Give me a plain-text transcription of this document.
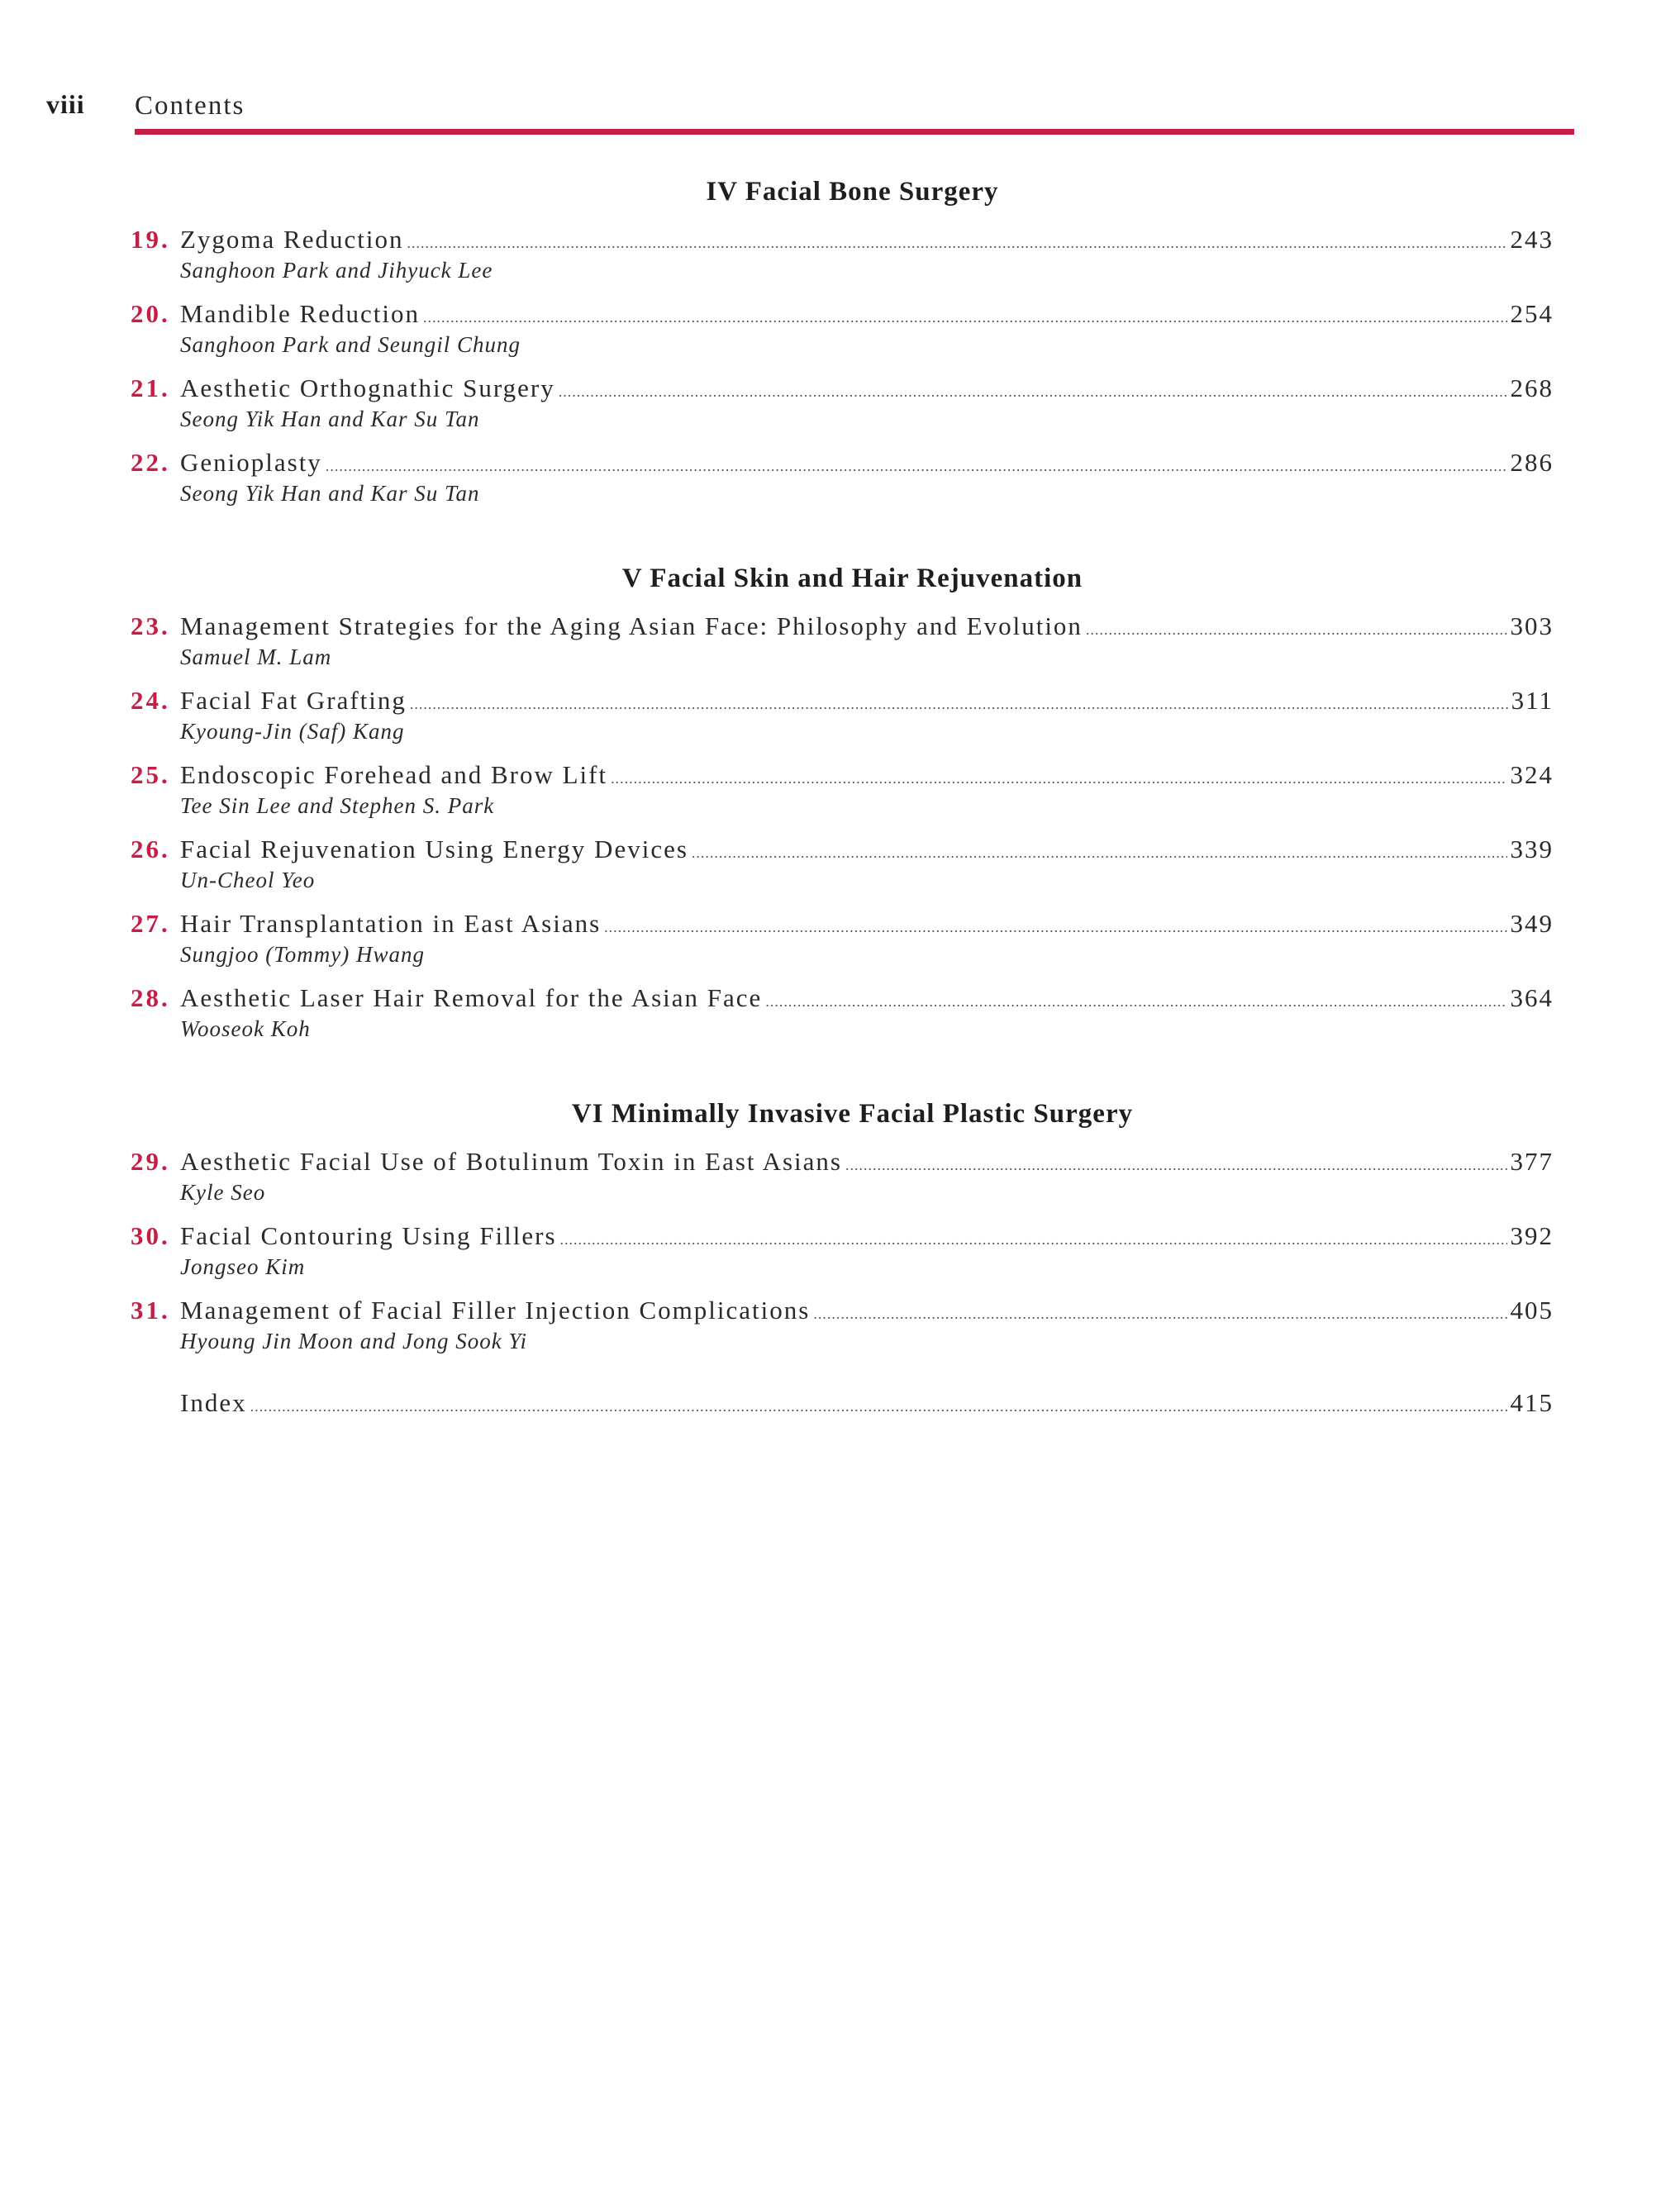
viii Contents
IV Facial Bone Surgery
19. Zygoma Reduction .....	243
Sanghoon Park and Jihyuck Lee
20. Mandible Reduction .....	254
Sanghoon Park and Seungil Chung
21. Aesthetic Orthognathic Surgery .....	268
Seong Yik Han and Kar Su Tan
22. Genioplasty .....	286
Seong Yik Han and Kar Su Tan
V Facial Skin and Hair Rejuvenation
23. Management Strategies for the Aging Asian Face: Philosophy and Evolution .....	303
Samuel M. Lam
24. Facial Fat Grafting .....	311
Kyoung-Jin (Saf) Kang
25. Endoscopic Forehead and Brow Lift .....	324
Tee Sin Lee and Stephen S. Park
26. Facial Rejuvenation Using Energy Devices .....	339
Un-Cheol Yeo
27. Hair Transplantation in East Asians .....	349
Sungjoo (Tommy) Hwang
28. Aesthetic Laser Hair Removal for the Asian Face .....	364
Wooseok Koh
VI Minimally Invasive Facial Plastic Surgery
29. Aesthetic Facial Use of Botulinum Toxin in East Asians .....	377
Kyle Seo
30. Facial Contouring Using Fillers .....	392
Jongseo Kim
31. Management of Facial Filler Injection Complications .....	405
Hyoung Jin Moon and Jong Sook Yi
Index .....	415
